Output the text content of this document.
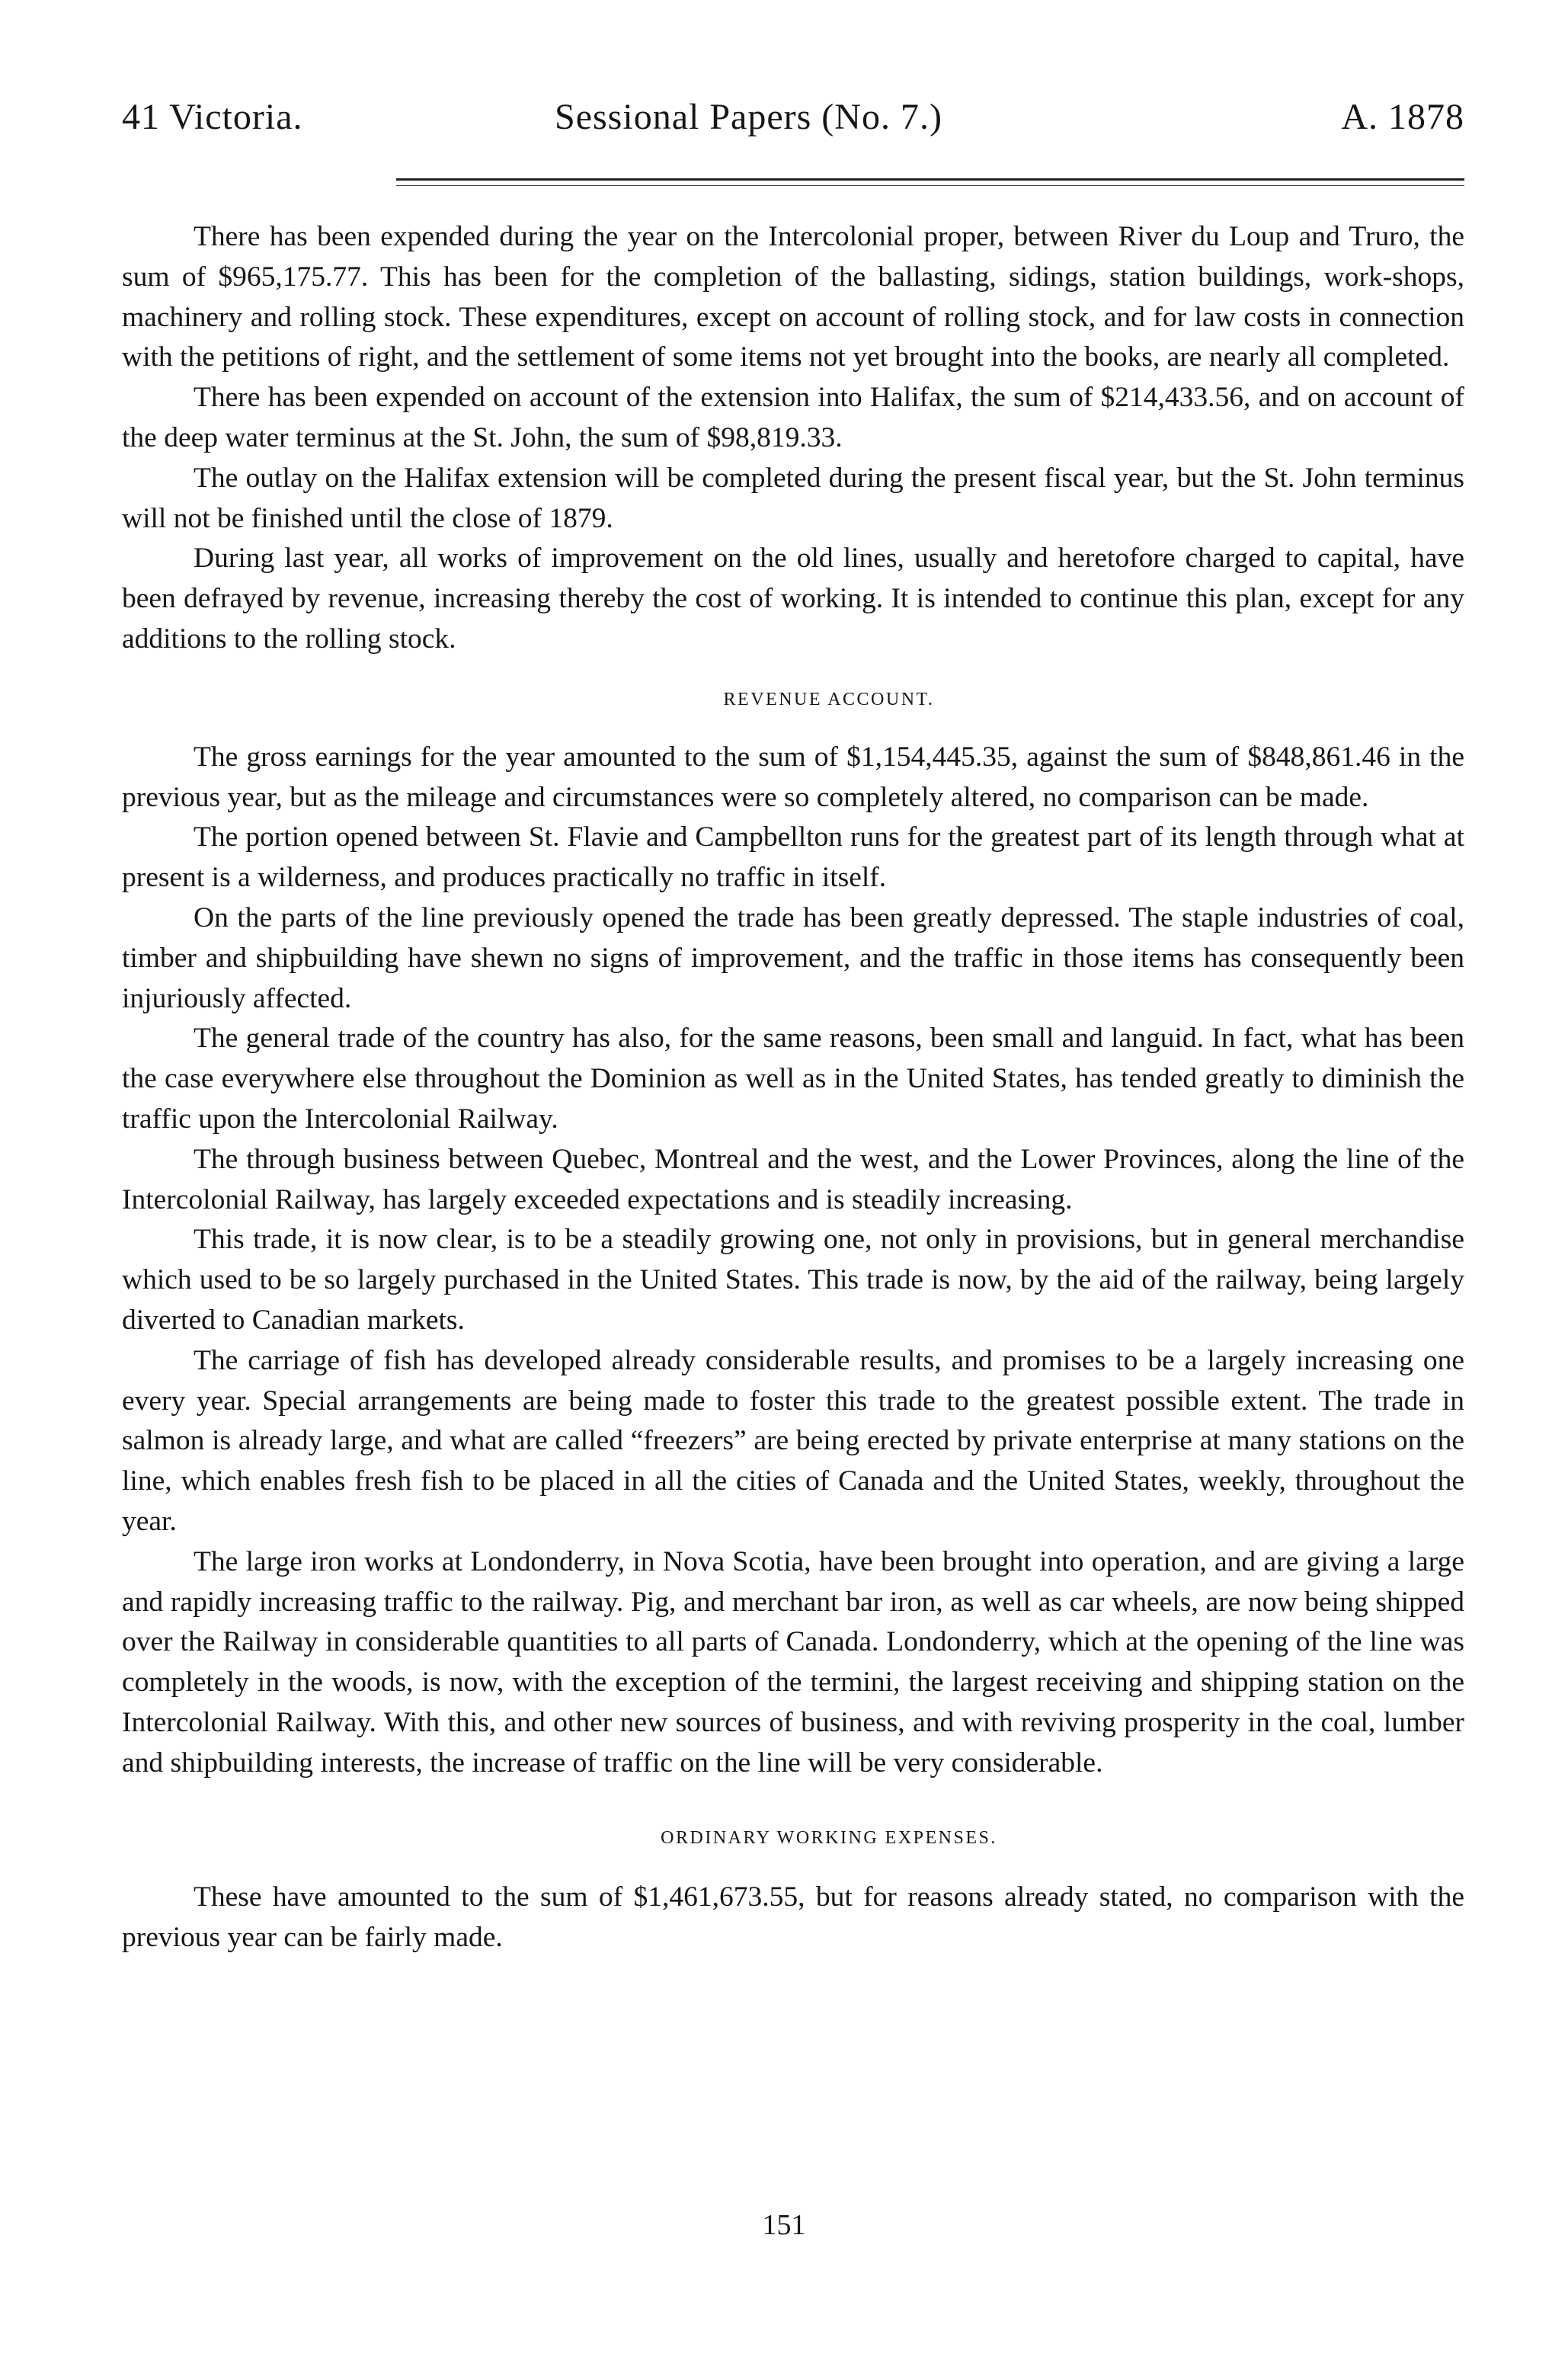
41 Victoria.	Sessional Papers (No. 7.)	A. 1878

There has been expended during the year on the Intercolonial proper, between River du Loup and Truro, the sum of $965,175.77. This has been for the completion of the ballasting, sidings, station buildings, work-shops, machinery and rolling stock. These expenditures, except on account of rolling stock, and for law costs in connection with the petitions of right, and the settlement of some items not yet brought into the books, are nearly all completed.

There has been expended on account of the extension into Halifax, the sum of $214,433.56, and on account of the deep water terminus at the St. John, the sum of $98,819.33.

The outlay on the Halifax extension will be completed during the present fiscal year, but the St. John terminus will not be finished until the close of 1879.

During last year, all works of improvement on the old lines, usually and heretofore charged to capital, have been defrayed by revenue, increasing thereby the cost of working. It is intended to continue this plan, except for any additions to the rolling stock.

REVENUE ACCOUNT.

The gross earnings for the year amounted to the sum of $1,154,445.35, against the sum of $848,861.46 in the previous year, but as the mileage and circumstances were so completely altered, no comparison can be made.

The portion opened between St. Flavie and Campbellton runs for the greatest part of its length through what at present is a wilderness, and produces practically no traffic in itself.

On the parts of the line previously opened the trade has been greatly depressed. The staple industries of coal, timber and shipbuilding have shewn no signs of improvement, and the traffic in those items has consequently been injuriously affected.

The general trade of the country has also, for the same reasons, been small and languid. In fact, what has been the case everywhere else throughout the Dominion as well as in the United States, has tended greatly to diminish the traffic upon the Intercolonial Railway.

The through business between Quebec, Montreal and the west, and the Lower Provinces, along the line of the Intercolonial Railway, has largely exceeded expectations and is steadily increasing.

This trade, it is now clear, is to be a steadily growing one, not only in provisions, but in general merchandise which used to be so largely purchased in the United States. This trade is now, by the aid of the railway, being largely diverted to Canadian markets.

The carriage of fish has developed already considerable results, and promises to be a largely increasing one every year. Special arrangements are being made to foster this trade to the greatest possible extent. The trade in salmon is already large, and what are called “freezers” are being erected by private enterprise at many stations on the line, which enables fresh fish to be placed in all the cities of Canada and the United States, weekly, throughout the year.

The large iron works at Londonderry, in Nova Scotia, have been brought into operation, and are giving a large and rapidly increasing traffic to the railway. Pig, and merchant bar iron, as well as car wheels, are now being shipped over the Railway in considerable quantities to all parts of Canada. Londonderry, which at the opening of the line was completely in the woods, is now, with the exception of the termini, the largest receiving and shipping station on the Intercolonial Railway. With this, and other new sources of business, and with reviving prosperity in the coal, lumber and shipbuilding interests, the increase of traffic on the line will be very considerable.

ORDINARY WORKING EXPENSES.

These have amounted to the sum of $1,461,673.55, but for reasons already stated, no comparison with the previous year can be fairly made.

151
